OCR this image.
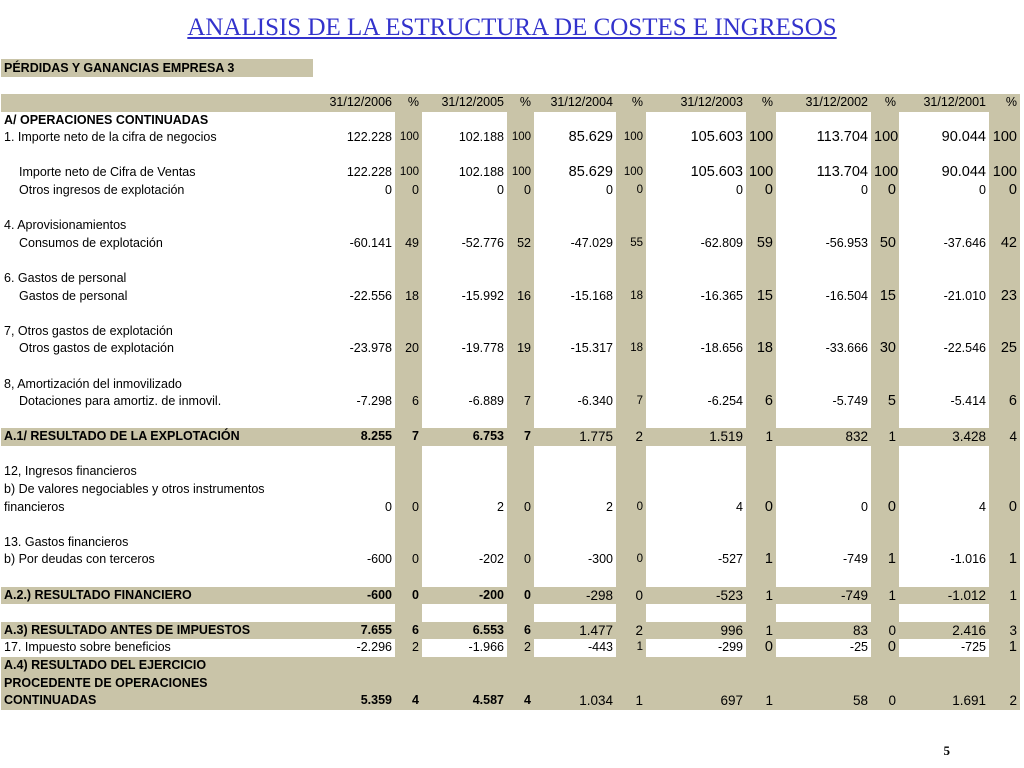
ANALISIS DE LA ESTRUCTURA DE COSTES E INGRESOS
PÉRDIDAS Y GANANCIAS EMPRESA 3
	31/12/2006	%	31/12/2005	%	31/12/2004	%	31/12/2003	%	31/12/2002	%	31/12/2001	%
A/ OPERACIONES CONTINUADAS												
1. Importe neto de la cifra de negocios	122.228	100	102.188	100	85.629	100	105.603	100	113.704	100	90.044	100

Importe neto de Cifra de Ventas	122.228	100	102.188	100	85.629	100	105.603	100	113.704	100	90.044	100
Otros ingresos de explotación	0	0	0	0	0	0	0	0	0	0	0	0

4. Aprovisionamientos												
Consumos de explotación	-60.141	49	-52.776	52	-47.029	55	-62.809	59	-56.953	50	-37.646	42

6. Gastos de personal												
Gastos de personal	-22.556	18	-15.992	16	-15.168	18	-16.365	15	-16.504	15	-21.010	23

7, Otros gastos de explotación												
Otros gastos de explotación	-23.978	20	-19.778	19	-15.317	18	-18.656	18	-33.666	30	-22.546	25

8, Amortización del inmovilizado												
Dotaciones para amortiz. de inmovil.	-7.298	6	-6.889	7	-6.340	7	-6.254	6	-5.749	5	-5.414	6

A.1/ RESULTADO DE LA EXPLOTACIÓN	8.255	7	6.753	7	1.775	2	1.519	1	832	1	3.428	4

12, Ingresos financieros												
b) De valores negociables y otros instrumentos												
financieros	0	0	2	0	2	0	4	0	0	0	4	0

13. Gastos financieros												
b) Por deudas con terceros	-600	0	-202	0	-300	0	-527	1	-749	1	-1.016	1

A.2.) RESULTADO FINANCIERO	-600	0	-200	0	-298	0	-523	1	-749	1	-1.012	1

A.3) RESULTADO ANTES DE IMPUESTOS	7.655	6	6.553	6	1.477	2	996	1	83	0	2.416	3
17. Impuesto sobre beneficios	-2.296	2	-1.966	2	-443	1	-299	0	-25	0	-725	1
A.4) RESULTADO DEL EJERCICIO												
PROCEDENTE DE OPERACIONES												
CONTINUADAS	5.359	4	4.587	4	1.034	1	697	1	58	0	1.691	2
5
